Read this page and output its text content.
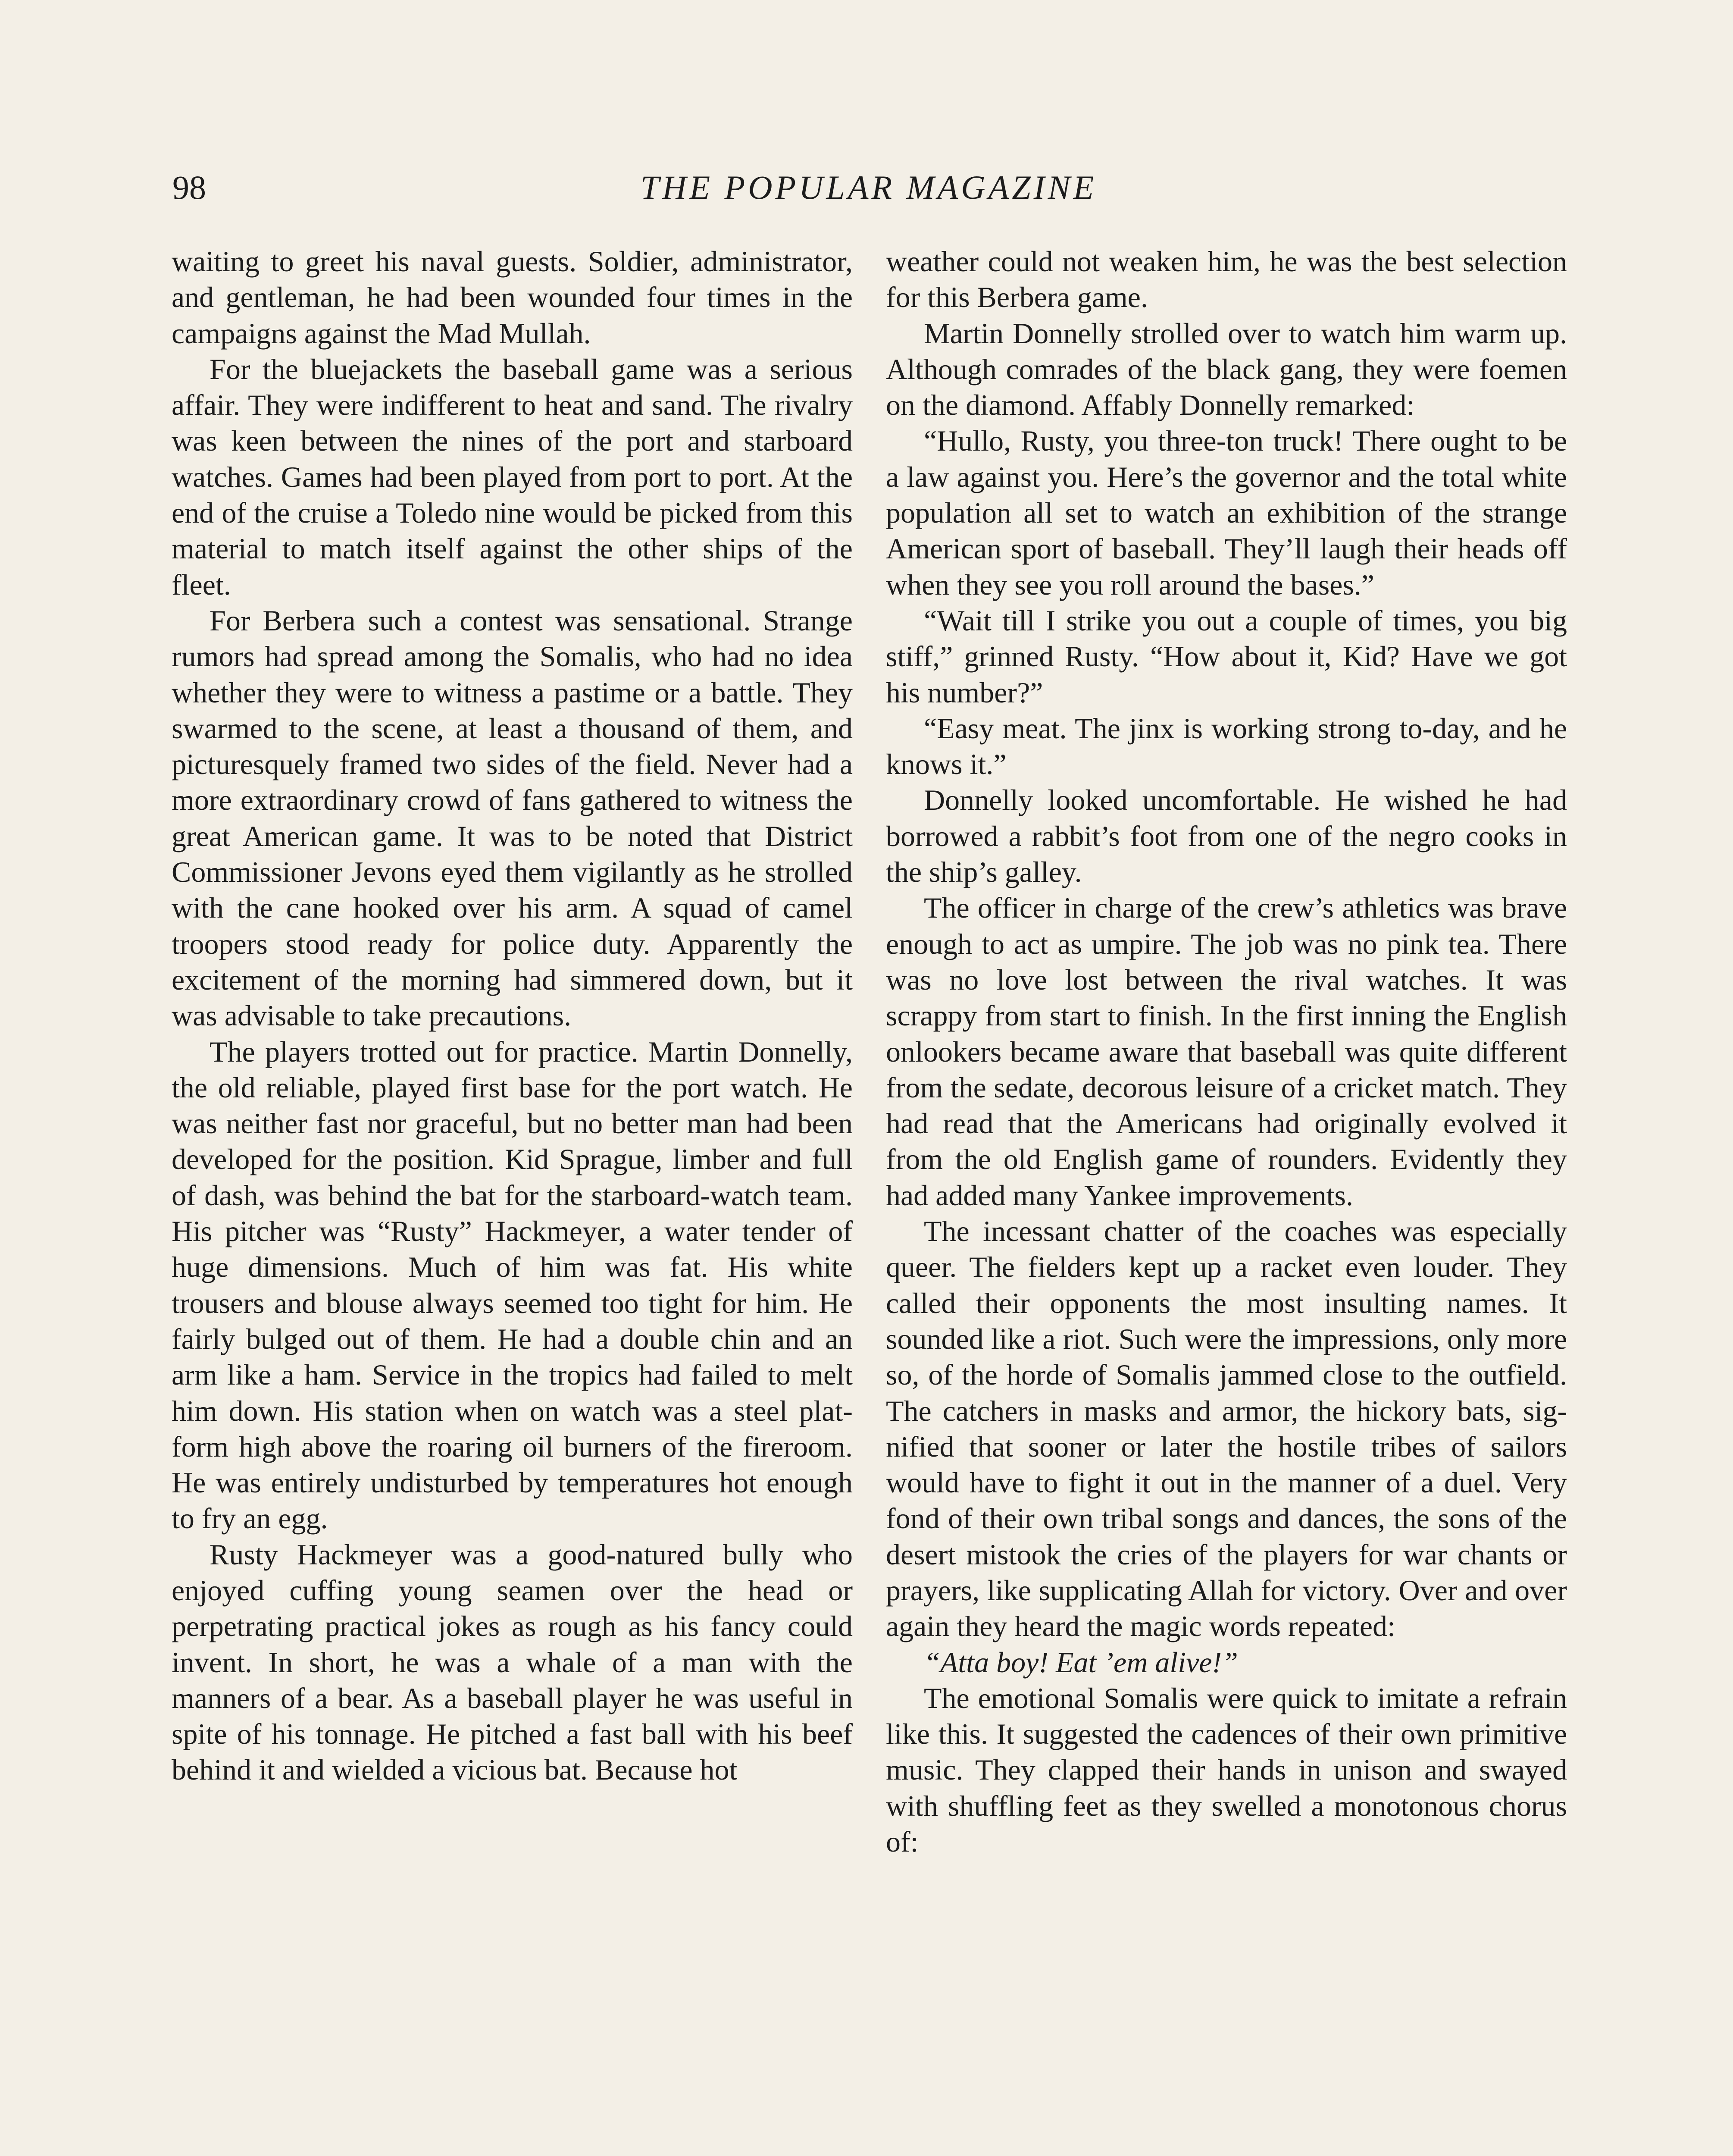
98	THE POPULAR MAGAZINE

waiting to greet his naval guests. Soldier, administrator, and gentleman, he had been wounded four times in the campaigns against the Mad Mullah.

For the bluejackets the baseball game was a serious affair. They were indifferent to heat and sand. The rivalry was keen between the nines of the port and starboard watches. Games had been played from port to port. At the end of the cruise a Toledo nine would be picked from this material to match itself against the other ships of the fleet.

For Berbera such a contest was sensational. Strange rumors had spread among the Somalis, who had no idea whether they were to witness a pastime or a battle. They swarmed to the scene, at least a thousand of them, and picturesquely framed two sides of the field. Never had a more extraordinary crowd of fans gathered to witness the great American game. It was to be noted that District Commissioner Jevons eyed them vigilantly as he strolled with the cane hooked over his arm. A squad of camel troopers stood ready for police duty. Apparently the excitement of the morning had simmered down, but it was advisable to take precautions.

The players trotted out for practice. Martin Donnelly, the old reliable, played first base for the port watch. He was neither fast nor graceful, but no better man had been developed for the position. Kid Sprague, limber and full of dash, was behind the bat for the starboard-watch team. His pitcher was “Rusty” Hackmeyer, a water tender of huge dimensions. Much of him was fat. His white trousers and blouse always seemed too tight for him. He fairly bulged out of them. He had a double chin and an arm like a ham. Service in the tropics had failed to melt him down. His station when on watch was a steel platform high above the roaring oil burners of the fireroom. He was entirely undisturbed by temperatures hot enough to fry an egg.

Rusty Hackmeyer was a good-natured bully who enjoyed cuffing young seamen over the head or perpetrating practical jokes as rough as his fancy could invent. In short, he was a whale of a man with the manners of a bear. As a baseball player he was useful in spite of his tonnage. He pitched a fast ball with his beef behind it and wielded a vicious bat. Because hot

weather could not weaken him, he was the best selection for this Berbera game.

Martin Donnelly strolled over to watch him warm up. Although comrades of the black gang, they were foemen on the diamond. Affably Donnelly remarked:

“Hullo, Rusty, you three-ton truck! There ought to be a law against you. Here’s the governor and the total white population all set to watch an exhibition of the strange American sport of baseball. They’ll laugh their heads off when they see you roll around the bases.”

“Wait till I strike you out a couple of times, you big stiff,” grinned Rusty. “How about it, Kid? Have we got his number?”

“Easy meat. The jinx is working strong to-day, and he knows it.”

Donnelly looked uncomfortable. He wished he had borrowed a rabbit’s foot from one of the negro cooks in the ship’s galley.

The officer in charge of the crew’s athletics was brave enough to act as umpire. The job was no pink tea. There was no love lost between the rival watches. It was scrappy from start to finish. In the first inning the English onlookers became aware that baseball was quite different from the sedate, decorous leisure of a cricket match. They had read that the Americans had originally evolved it from the old English game of rounders. Evidently they had added many Yankee improvements.

The incessant chatter of the coaches was especially queer. The fielders kept up a racket even louder. They called their opponents the most insulting names. It sounded like a riot. Such were the impressions, only more so, of the horde of Somalis jammed close to the outfield. The catchers in masks and armor, the hickory bats, signified that sooner or later the hostile tribes of sailors would have to fight it out in the manner of a duel. Very fond of their own tribal songs and dances, the sons of the desert mistook the cries of the players for war chants or prayers, like supplicating Allah for victory. Over and over again they heard the magic words repeated:

“Atta boy! Eat ’em alive!”

The emotional Somalis were quick to imitate a refrain like this. It suggested the cadences of their own primitive music. They clapped their hands in unison and swayed with shuffling feet as they swelled a monotonous chorus of:
